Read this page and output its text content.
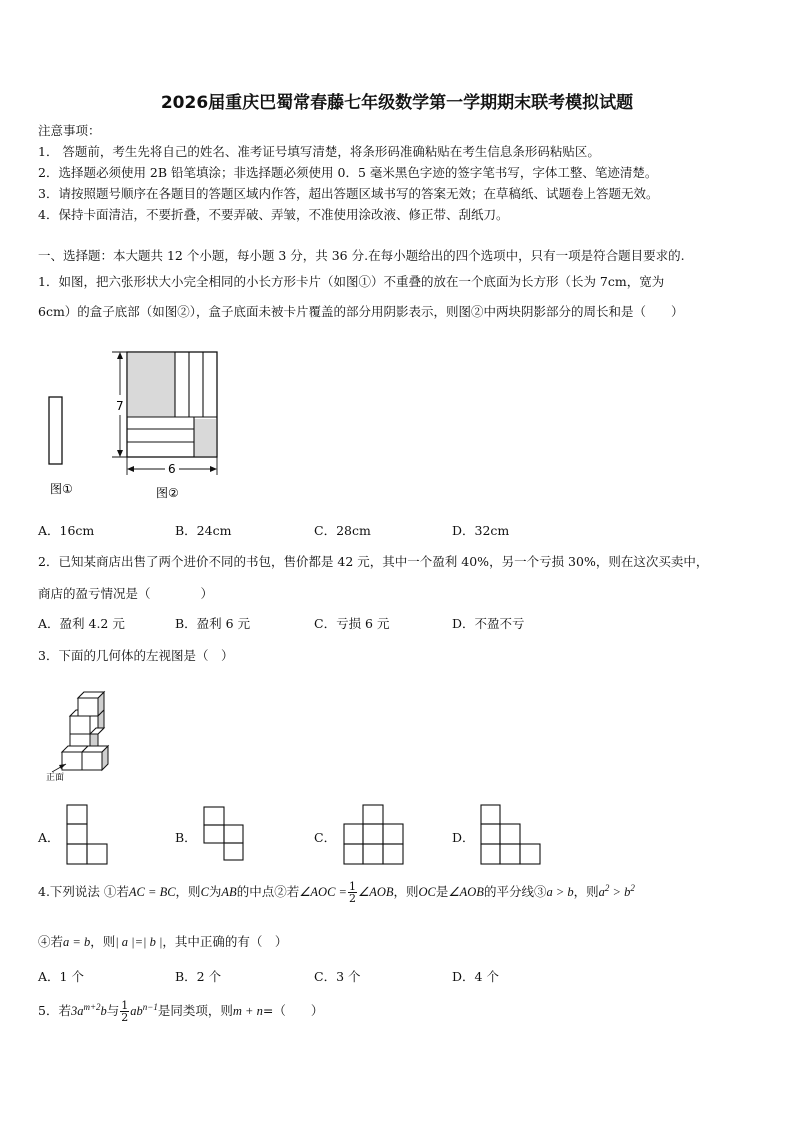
2026届重庆巴蜀常春藤七年级数学第一学期期末联考模拟试题
注意事项：
1． 答题前，考生先将自己的姓名、准考证号填写清楚，将条形码准确粘贴在考生信息条形码粘贴区。
2．选择题必须使用 2B 铅笔填涂；非选择题必须使用 0．5 毫米黑色字迹的签字笔书写，字体工整、笔迹清楚。
3．请按照题号顺序在各题目的答题区域内作答，超出答题区域书写的答案无效；在草稿纸、试题卷上答题无效。
4．保持卡面清洁，不要折叠，不要弄破、弄皱，不准使用涂改液、修正带、刮纸刀。
一、选择题：本大题共 12 个小题，每小题 3 分，共 36 分.在每小题给出的四个选项中，只有一项是符合题目要求的.
1．如图，把六张形状大小完全相同的小长方形卡片（如图①）不重叠的放在一个底面为长方形（长为 7cm，宽为
6cm）的盒子底部（如图②），盒子底面未被卡片覆盖的部分用阴影表示，则图②中两块阴影部分的周长和是（　　）
图①
7
6
图②
A．16cm	B．24cm	C．28cm	D．32cm
2．已知某商店出售了两个进价不同的书包，售价都是 42 元，其中一个盈利 40%，另一个亏损 30%，则在这次买卖中，
商店的盈亏情况是（　　　　）
A．盈利 4.2 元	B．盈利 6 元	C．亏损 6 元	D．不盈不亏
3．下面的几何体的左视图是（　）
正面
A．	B．	C．	D．
4.下列说法 ①若AC = BC，则C为AB的中点②若∠AOC = $\frac{1}{2}$ ∠AOB，则OC是∠AOB的平分线③a > b，则$a^2 > b^2$
④若a = b，则| a |=| b |，其中正确的有（　）
A．1 个	B．2 个	C．3 个	D．4 个
5．若$3a^{m+2}b$与 $\frac{1}{2} ab^{n-1}$是同类项，则m + n=（　　）
